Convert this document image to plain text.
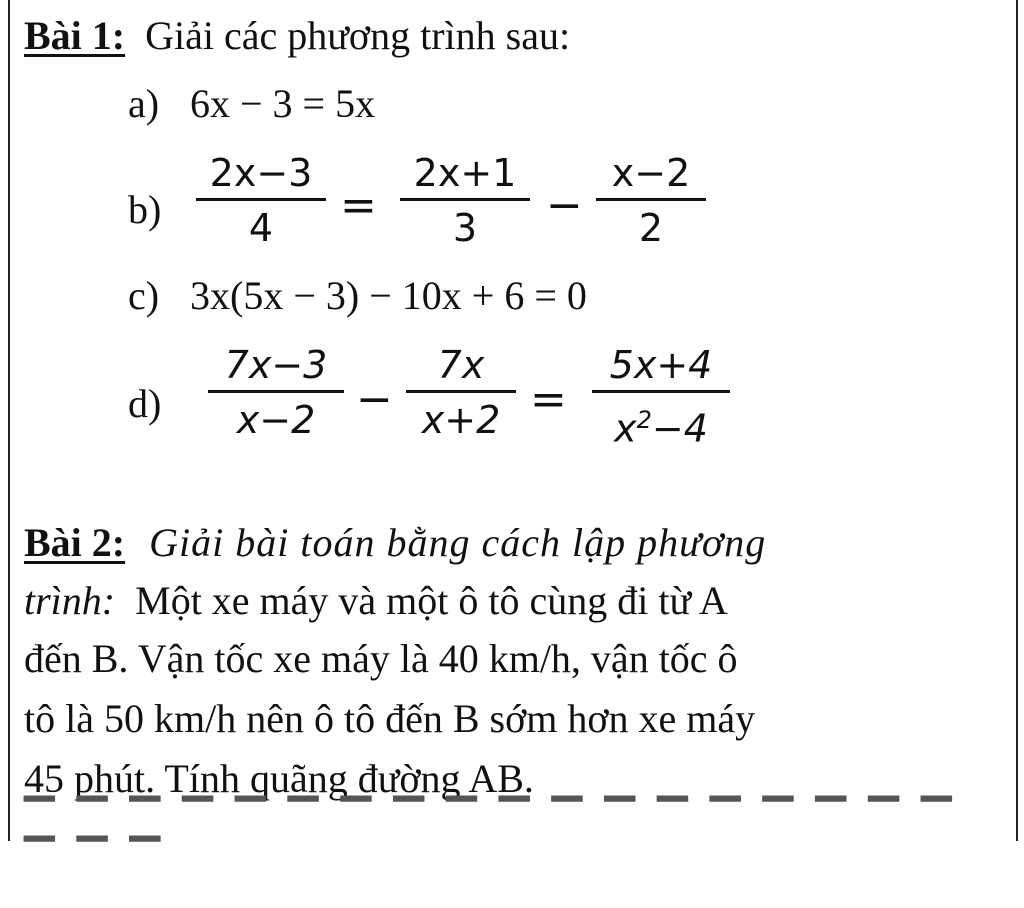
Bài 1: Giải các phương trình sau:
a) 6x − 3 = 5x
b)
2x−3
4	=
2x+1
3	−
x−2
2
c) 3x(5x − 3) − 10x + 6 = 0
d)
7x−3
x−2 −
7x
x+2 =
5x+4
$x^2-4$
Bài 2: Giải bài toán bằng cách lập phương
trình: Một xe máy và một ô tô cùng đi từ A
đến B. Vận tốc xe máy là 40 km/h, vận tốc ô
tô là 50 km/h nên ô tô đến B sớm hơn xe máy
45 phút. Tính quãng đường AB.
▔ ▔ ▔ ▔ ▔ ▔ ▔ ▔ ▔ ▔ ▔ ▔ ▔ ▔ ▔ ▔ ▔ ▔ ▔ ▔ ▔
